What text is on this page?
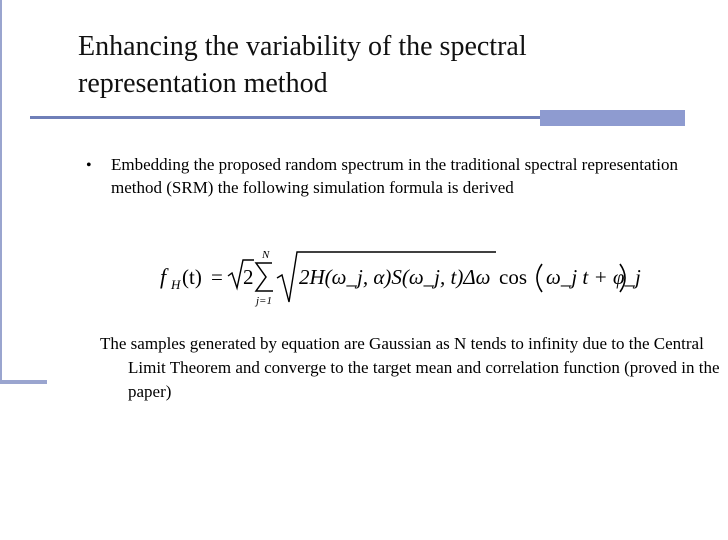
Enhancing the variability of the spectral representation method
• Embedding the proposed random spectrum in the traditional spectral representation method (SRM) the following simulation formula is derived
f H (t) = 2
N
j=1
2H(ω_j, α)S(ω_j, t)Δω cos ω_j t + φ_j
The samples generated by equation are Gaussian as N tends to infinity due to the Central Limit Theorem and converge to the target mean and correlation function (proved in the paper)
